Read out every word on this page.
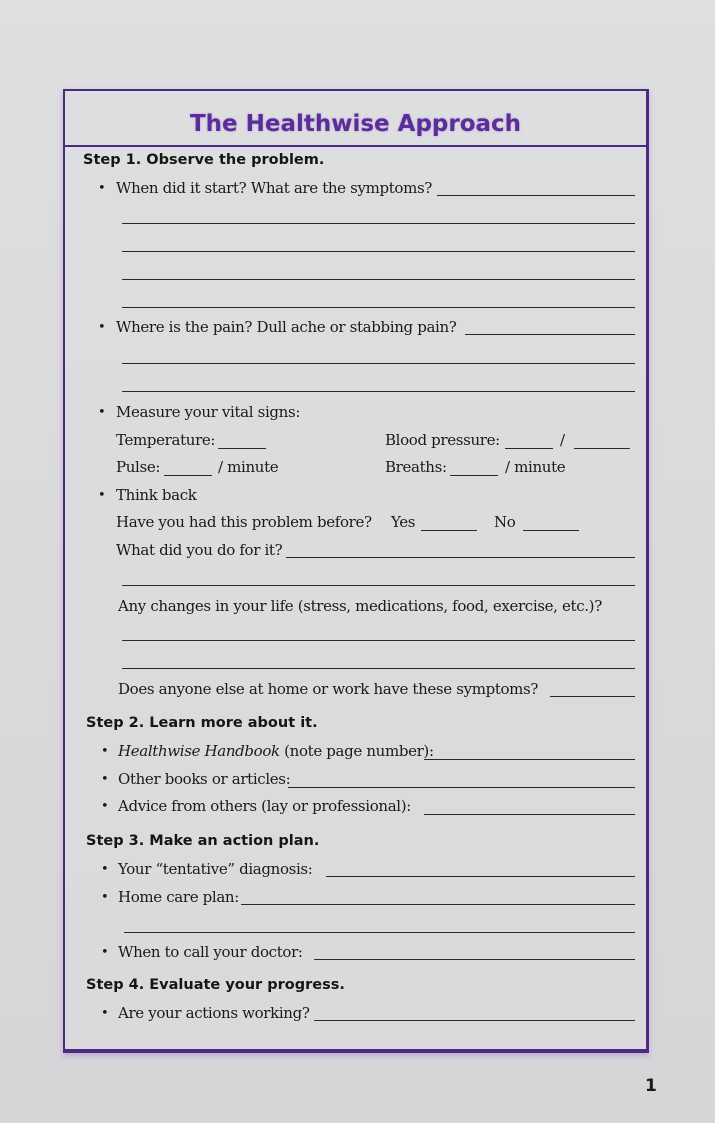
The Healthwise Approach
Step 1. Observe the problem.
• When did it start? What are the symptoms?
• Where is the pain? Dull ache or stabbing pain?
• Measure your vital signs:
Temperature:	Blood pressure:	/
Pulse:	/ minute	Breaths:	/ minute
• Think back
Have you had this problem before? Yes	No
What did you do for it?
Any changes in your life (stress, medications, food, exercise, etc.)?
Does anyone else at home or work have these symptoms?
Step 2. Learn more about it.
• Healthwise Handbook (note page number):
• Other books or articles:
• Advice from others (lay or professional):
Step 3. Make an action plan.
• Your “tentative” diagnosis:
• Home care plan:
• When to call your doctor:
Step 4. Evaluate your progress.
• Are your actions working?
1
